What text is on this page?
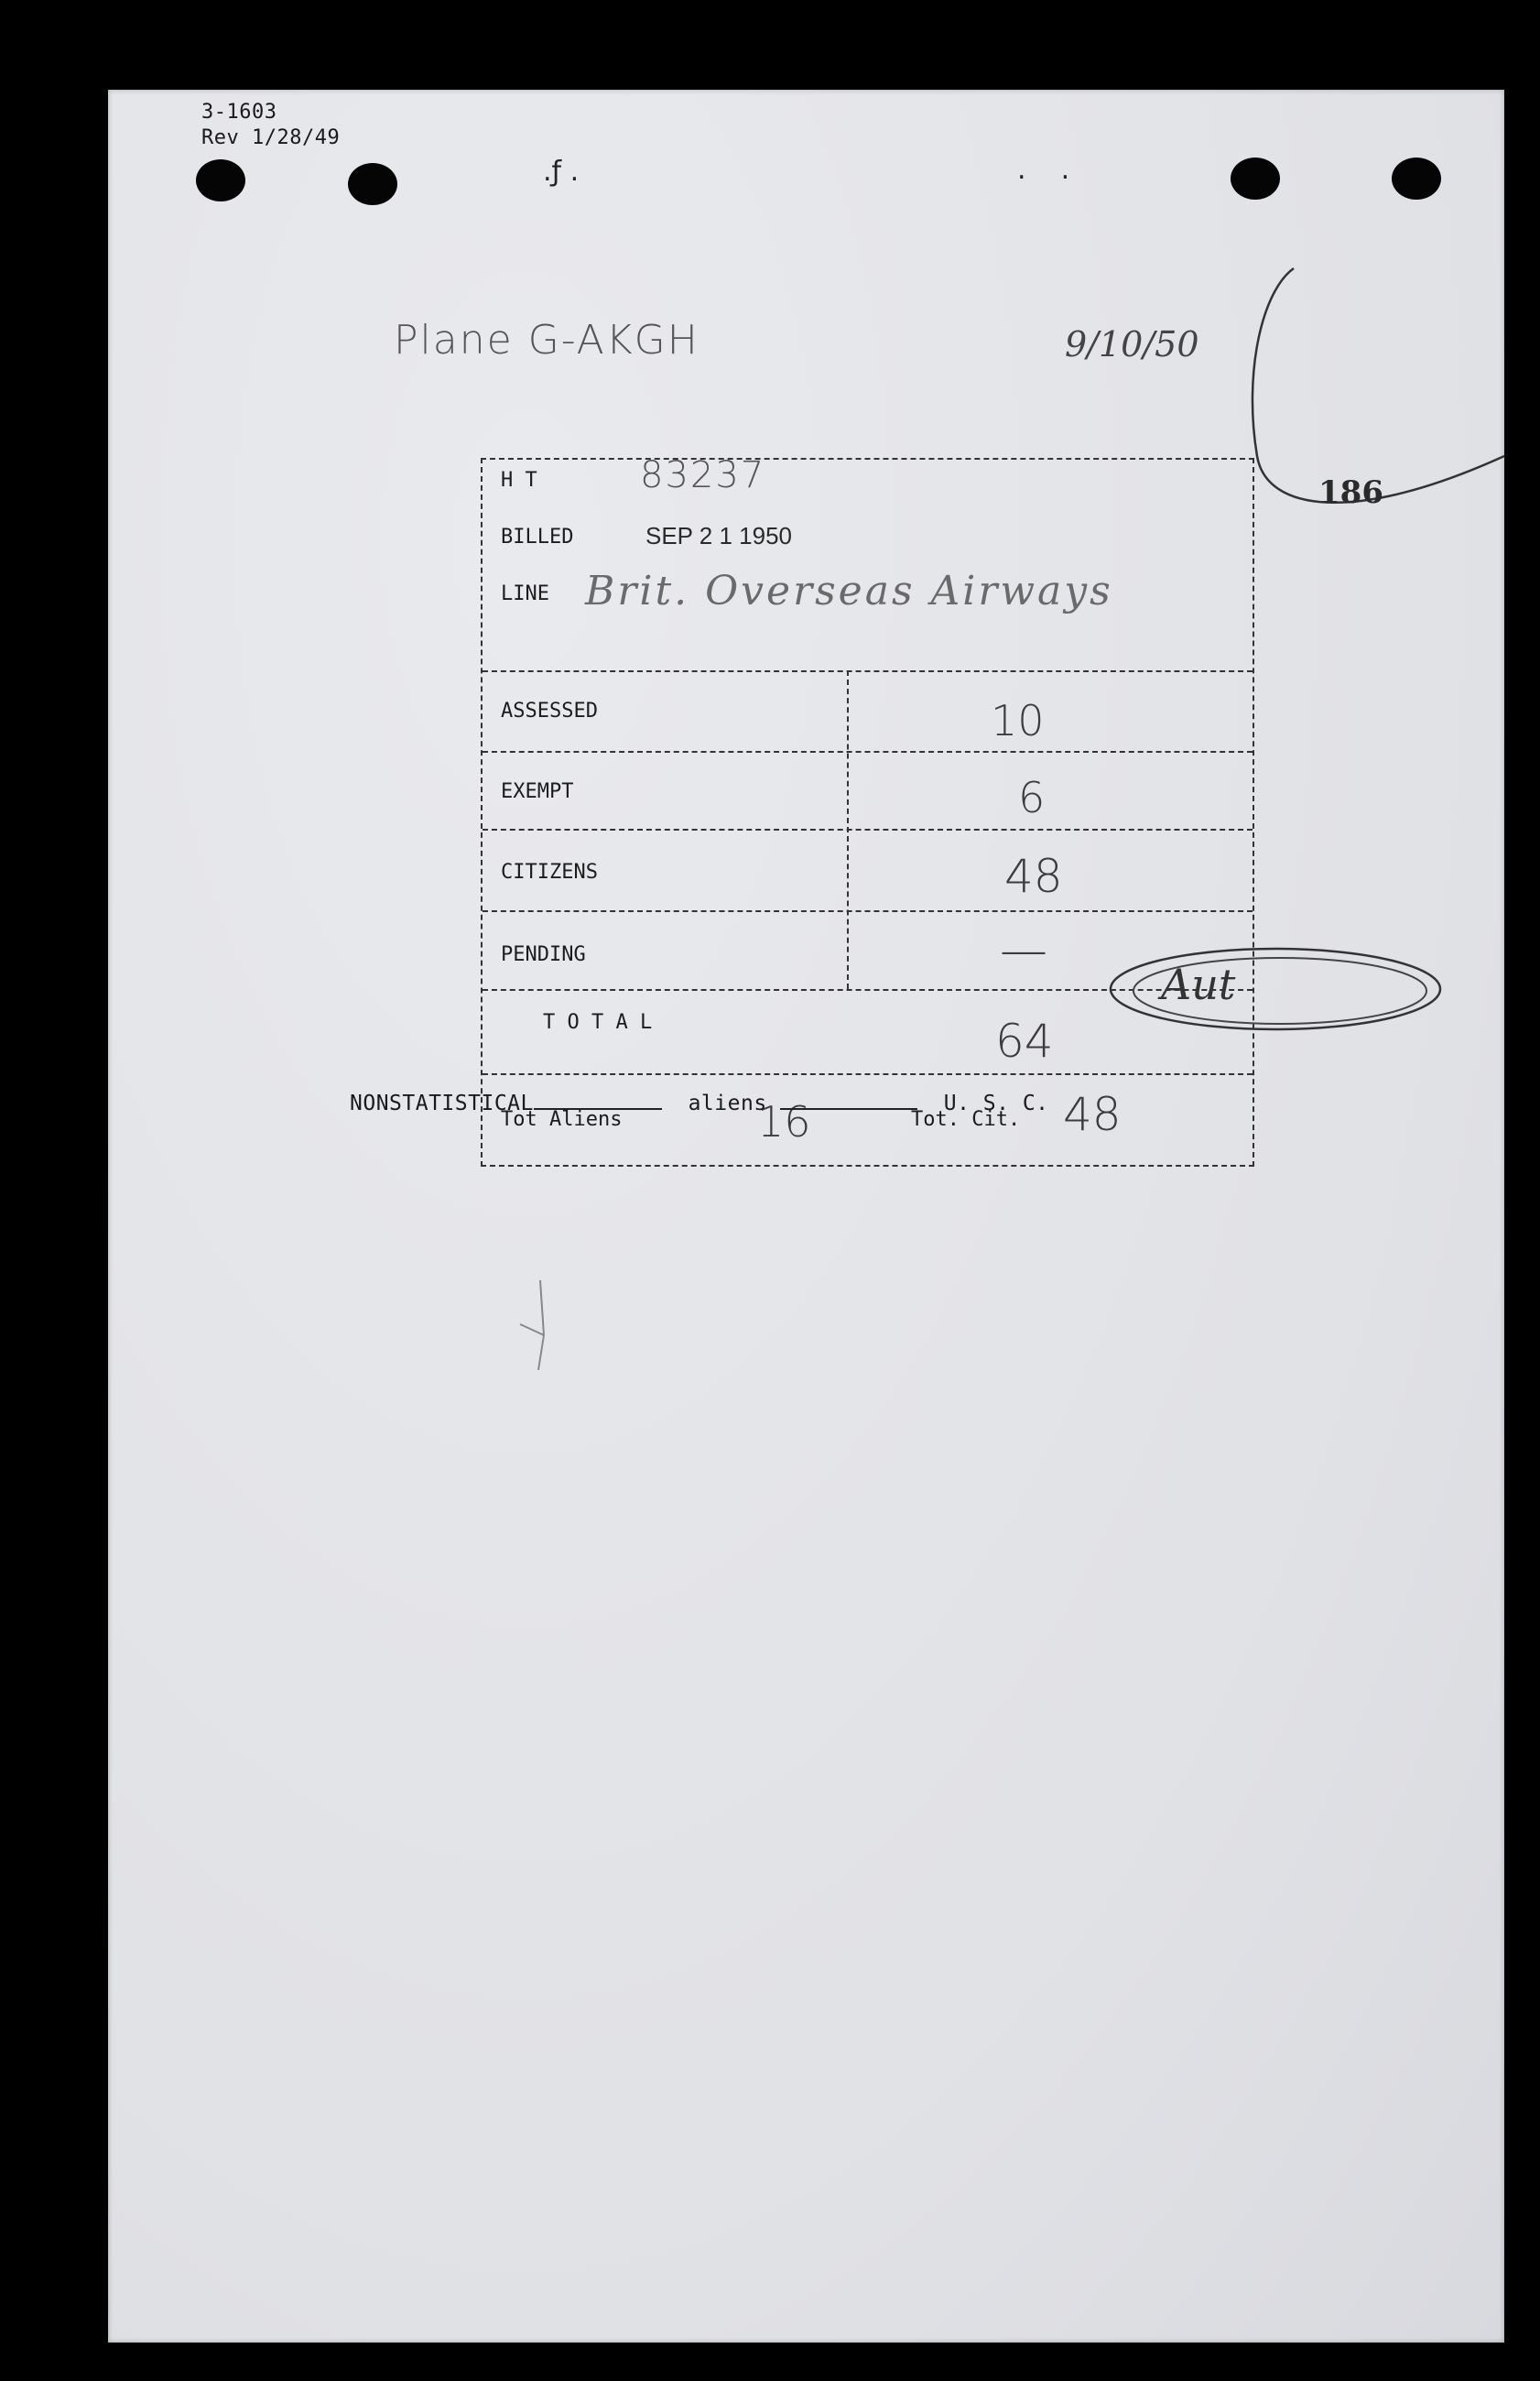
3-1603
Rev 1/28/49
.ƒ .	.    .
Plane G-AKGH	9/10/50
186
H T	83237
BILLED	SEP 2 1 1950
LINE Brit. Overseas Airways
ASSESSED	10
EXEMPT	6
CITIZENS	48
PENDING	—
T O T A L	64
Tot Aliens	16	Tot. Cit. 48
Aut
NONSTATISTICAL	aliens	U. S. C.
